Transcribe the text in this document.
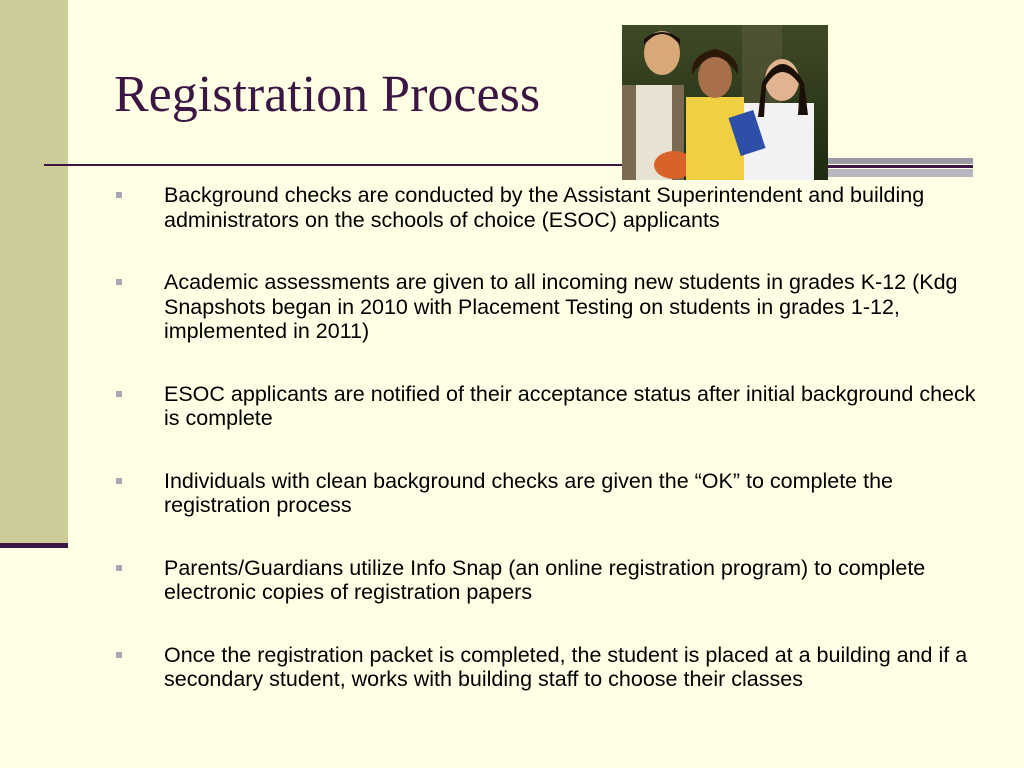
Registration Process
Background checks are conducted by the Assistant Superintendent and building administrators on the schools of choice (ESOC) applicants
Academic assessments are given to all incoming new students in grades K-12 (Kdg Snapshots began in 2010 with Placement Testing on students in grades 1-12, implemented in 2011)
ESOC applicants are notified of their acceptance status after initial background check is complete
Individuals with clean background checks are given the “OK” to complete the registration process
Parents/Guardians utilize Info Snap (an online registration program) to complete electronic copies of registration papers
Once the registration packet is completed, the student is placed at a building and if a secondary student, works with building staff to choose their classes
